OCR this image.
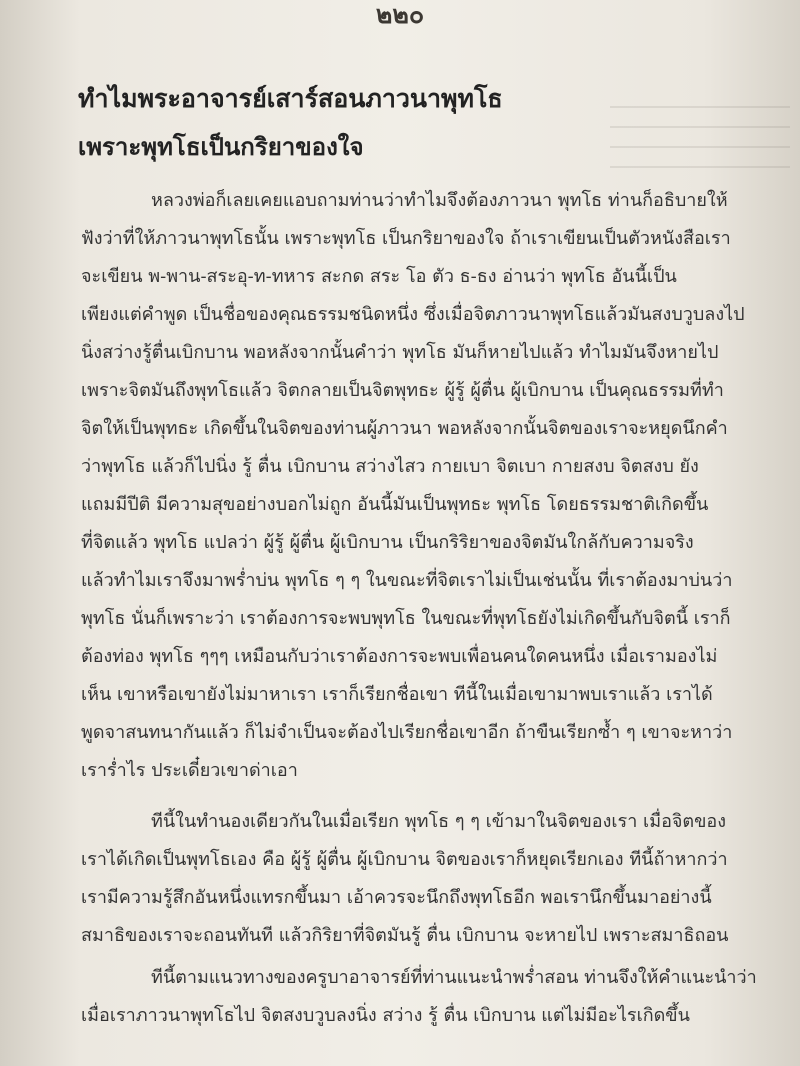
๒๒๐
ทำไมพระอาจารย์เสาร์สอนภาวนาพุทโธ
เพราะพุทโธเป็นกริยาของใจ
หลวงพ่อก็เลยเคยแอบถามท่านว่าทำไมจึงต้องภาวนา พุทโธ ท่านก็อธิบายให้
ฟังว่าที่ให้ภาวนาพุทโธนั้น เพราะพุทโธ เป็นกริยาของใจ ถ้าเราเขียนเป็นตัวหนังสือเรา
จะเขียน พ-พาน-สระอุ-ท-ทหาร สะกด สระ โอ ตัว ธ-ธง อ่านว่า พุทโธ อันนี้เป็น
เพียงแต่คำพูด เป็นชื่อของคุณธรรมชนิดหนึ่ง ซึ่งเมื่อจิตภาวนาพุทโธแล้วมันสงบวูบลงไป
นิ่งสว่างรู้ตื่นเบิกบาน พอหลังจากนั้นคำว่า พุทโธ มันก็หายไปแล้ว ทำไมมันจึงหายไป
เพราะจิตมันถึงพุทโธแล้ว จิตกลายเป็นจิตพุทธะ ผู้รู้ ผู้ตื่น ผู้เบิกบาน เป็นคุณธรรมที่ทำ
จิตให้เป็นพุทธะ เกิดขึ้นในจิตของท่านผู้ภาวนา พอหลังจากนั้นจิตของเราจะหยุดนึกคำ
ว่าพุทโธ แล้วก็ไปนิ่ง รู้ ตื่น เบิกบาน สว่างไสว กายเบา จิตเบา กายสงบ จิตสงบ ยัง
แถมมีปีติ มีความสุขอย่างบอกไม่ถูก อันนี้มันเป็นพุทธะ พุทโธ โดยธรรมชาติเกิดขึ้น
ที่จิตแล้ว พุทโธ แปลว่า ผู้รู้ ผู้ตื่น ผู้เบิกบาน เป็นกริริยาของจิตมันใกล้กับความจริง
แล้วทำไมเราจึงมาพร่ำบ่น พุทโธ ๆ ๆ ในขณะที่จิตเราไม่เป็นเช่นนั้น ที่เราต้องมาบ่นว่า
พุทโธ นั่นก็เพราะว่า เราต้องการจะพบพุทโธ ในขณะที่พุทโธยังไม่เกิดขึ้นกับจิตนี้ เราก็
ต้องท่อง พุทโธ ๆๆๆ เหมือนกับว่าเราต้องการจะพบเพื่อนคนใดคนหนึ่ง เมื่อเรามองไม่
เห็น เขาหรือเขายังไม่มาหาเรา เราก็เรียกชื่อเขา ทีนี้ในเมื่อเขามาพบเราแล้ว เราได้
พูดจาสนทนากันแล้ว ก็ไม่จำเป็นจะต้องไปเรียกชื่อเขาอีก ถ้าขืนเรียกซ้ำ ๆ เขาจะหาว่า
เราร่ำไร ประเดี๋ยวเขาด่าเอา
ทีนี้ในทำนองเดียวกันในเมื่อเรียก พุทโธ ๆ ๆ เข้ามาในจิตของเรา เมื่อจิตของ
เราได้เกิดเป็นพุทโธเอง คือ ผู้รู้ ผู้ตื่น ผู้เบิกบาน จิตของเราก็หยุดเรียกเอง ทีนี้ถ้าหากว่า
เรามีความรู้สึกอันหนึ่งแทรกขึ้นมา เอ้าควรจะนึกถึงพุทโธอีก พอเรานึกขึ้นมาอย่างนี้
สมาธิของเราจะถอนทันที แล้วกิริยาที่จิตมันรู้ ตื่น เบิกบาน จะหายไป เพราะสมาธิถอน
ทีนี้ตามแนวทางของครูบาอาจารย์ที่ท่านแนะนำพร่ำสอน ท่านจึงให้คำแนะนำว่า
เมื่อเราภาวนาพุทโธไป จิตสงบวูบลงนิ่ง สว่าง รู้ ตื่น เบิกบาน แต่ไม่มีอะไรเกิดขึ้น
